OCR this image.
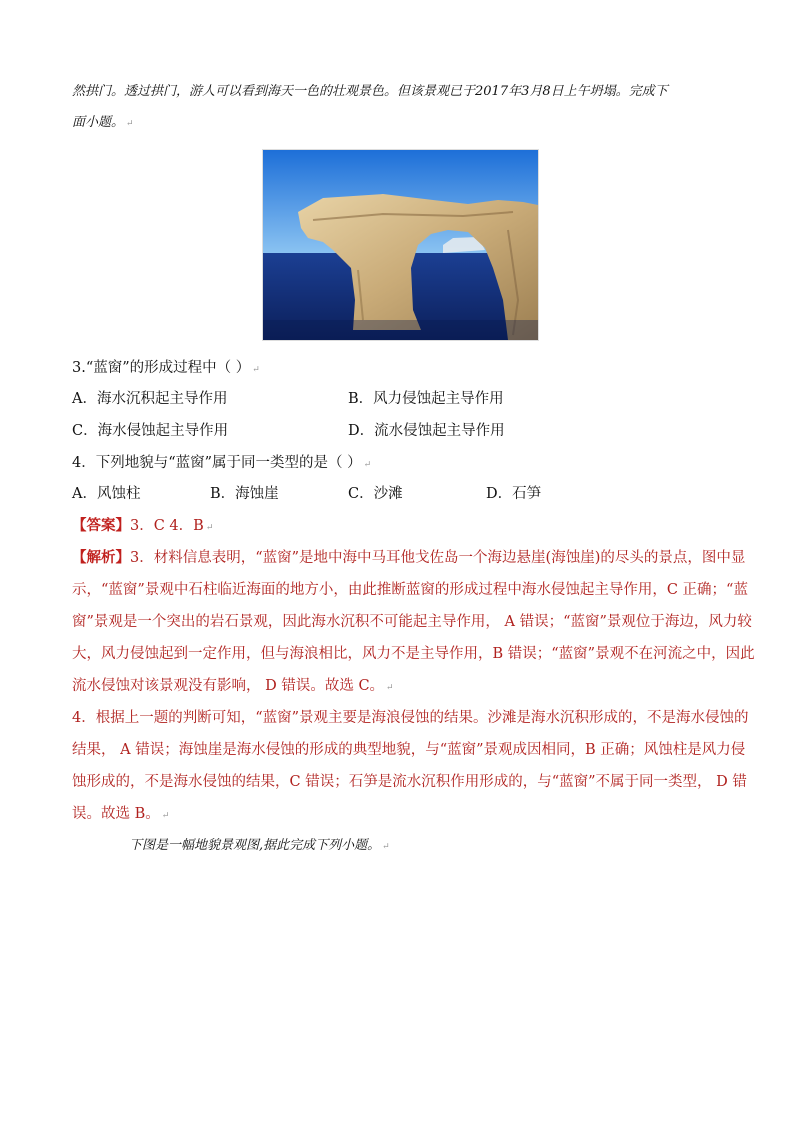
然拱门。透过拱门，游人可以看到海天一色的壮观景色。但该景观已于2017年3月8日上午坍塌。完成下
面小题。 ↵
3.“蓝窗”的形成过程中（ ） ↵
A．海水沉积起主导作用	B．风力侵蚀起主导作用
C．海水侵蚀起主导作用	D．流水侵蚀起主导作用
4．下列地貌与“蓝窗”属于同一类型的是（ ） ↵
A．风蚀柱	B．海蚀崖	C．沙滩	D．石笋
【答案】3．C 4．B ↵
【解析】3．材料信息表明，“蓝窗”是地中海中马耳他戈佐岛一个海边悬崖(海蚀崖)的尽头的景点，图中显
示，“蓝窗”景观中石柱临近海面的地方小，由此推断蓝窗的形成过程中海水侵蚀起主导作用，C 正确；“蓝
窗”景观是一个突出的岩石景观，因此海水沉积不可能起主导作用， A 错误；“蓝窗”景观位于海边，风力较
大，风力侵蚀起到一定作用，但与海浪相比，风力不是主导作用，B 错误；“蓝窗”景观不在河流之中，因此
流水侵蚀对该景观没有影响， D 错误。故选 C。 ↵
4．根据上一题的判断可知，“蓝窗”景观主要是海浪侵蚀的结果。沙滩是海水沉积形成的，不是海水侵蚀的
结果， A 错误；海蚀崖是海水侵蚀的形成的典型地貌，与“蓝窗”景观成因相同，B 正确；风蚀柱是风力侵
蚀形成的，不是海水侵蚀的结果，C 错误；石笋是流水沉积作用形成的，与“蓝窗”不属于同一类型， D 错
误。故选 B。 ↵
下图是一幅地貌景观图,据此完成下列小题。 ↵
